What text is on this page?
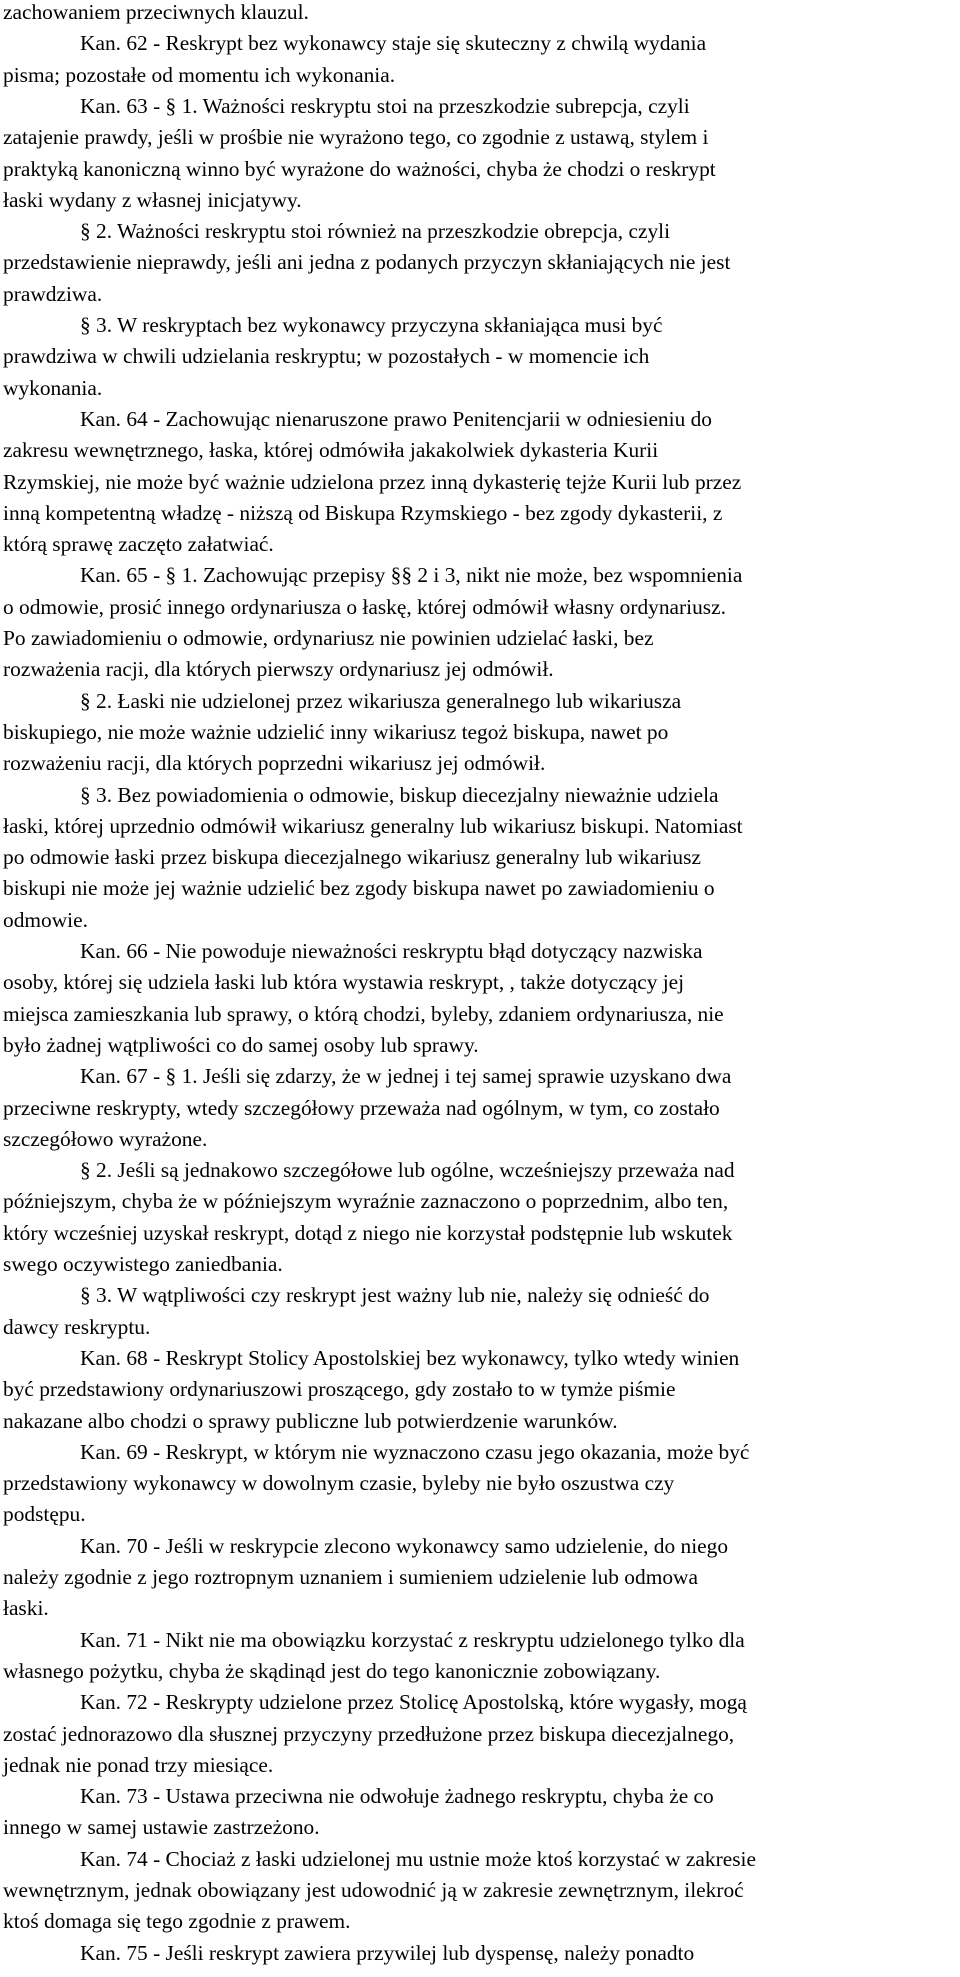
zachowaniem przeciwnych klauzul.
Kan. 62 - Reskrypt bez wykonawcy staje się skuteczny z chwilą wydania
pisma; pozostałe od momentu ich wykonania.
Kan. 63 - § 1. Ważności reskryptu stoi na przeszkodzie subrepcja, czyli
zatajenie prawdy, jeśli w prośbie nie wyrażono tego, co zgodnie z ustawą, stylem i
praktyką kanoniczną winno być wyrażone do ważności, chyba że chodzi o reskrypt
łaski wydany z własnej inicjatywy.
§ 2. Ważności reskryptu stoi również na przeszkodzie obrepcja, czyli
przedstawienie nieprawdy, jeśli ani jedna z podanych przyczyn skłaniających nie jest
prawdziwa.
§ 3. W reskryptach bez wykonawcy przyczyna skłaniająca musi być
prawdziwa w chwili udzielania reskryptu; w pozostałych - w momencie ich
wykonania.
Kan. 64 - Zachowując nienaruszone prawo Penitencjarii w odniesieniu do
zakresu wewnętrznego, łaska, której odmówiła jakakolwiek dykasteria Kurii
Rzymskiej, nie może być ważnie udzielona przez inną dykasterię tejże Kurii lub przez
inną kompetentną władzę - niższą od Biskupa Rzymskiego - bez zgody dykasterii, z
którą sprawę zaczęto załatwiać.
Kan. 65 - § 1. Zachowując przepisy §§ 2 i 3, nikt nie może, bez wspomnienia
o odmowie, prosić innego ordynariusza o łaskę, której odmówił własny ordynariusz.
Po zawiadomieniu o odmowie, ordynariusz nie powinien udzielać łaski, bez
rozważenia racji, dla których pierwszy ordynariusz jej odmówił.
§ 2. Łaski nie udzielonej przez wikariusza generalnego lub wikariusza
biskupiego, nie może ważnie udzielić inny wikariusz tegoż biskupa, nawet po
rozważeniu racji, dla których poprzedni wikariusz jej odmówił.
§ 3. Bez powiadomienia o odmowie, biskup diecezjalny nieważnie udziela
łaski, której uprzednio odmówił wikariusz generalny lub wikariusz biskupi. Natomiast
po odmowie łaski przez biskupa diecezjalnego wikariusz generalny lub wikariusz
biskupi nie może jej ważnie udzielić bez zgody biskupa nawet po zawiadomieniu o
odmowie.
Kan. 66 - Nie powoduje nieważności reskryptu błąd dotyczący nazwiska
osoby, której się udziela łaski lub która wystawia reskrypt, , także dotyczący jej
miejsca zamieszkania lub sprawy, o którą chodzi, byleby, zdaniem ordynariusza, nie
było żadnej wątpliwości co do samej osoby lub sprawy.
Kan. 67 - § 1. Jeśli się zdarzy, że w jednej i tej samej sprawie uzyskano dwa
przeciwne reskrypty, wtedy szczegółowy przeważa nad ogólnym, w tym, co zostało
szczegółowo wyrażone.
§ 2. Jeśli są jednakowo szczegółowe lub ogólne, wcześniejszy przeważa nad
późniejszym, chyba że w późniejszym wyraźnie zaznaczono o poprzednim, albo ten,
który wcześniej uzyskał reskrypt, dotąd z niego nie korzystał podstępnie lub wskutek
swego oczywistego zaniedbania.
§ 3. W wątpliwości czy reskrypt jest ważny lub nie, należy się odnieść do
dawcy reskryptu.
Kan. 68 - Reskrypt Stolicy Apostolskiej bez wykonawcy, tylko wtedy winien
być przedstawiony ordynariuszowi proszącego, gdy zostało to w tymże piśmie
nakazane albo chodzi o sprawy publiczne lub potwierdzenie warunków.
Kan. 69 - Reskrypt, w którym nie wyznaczono czasu jego okazania, może być
przedstawiony wykonawcy w dowolnym czasie, byleby nie było oszustwa czy
podstępu.
Kan. 70 - Jeśli w reskrypcie zlecono wykonawcy samo udzielenie, do niego
należy zgodnie z jego roztropnym uznaniem i sumieniem udzielenie lub odmowa
łaski.
Kan. 71 - Nikt nie ma obowiązku korzystać z reskryptu udzielonego tylko dla
własnego pożytku, chyba że skądinąd jest do tego kanonicznie zobowiązany.
Kan. 72 - Reskrypty udzielone przez Stolicę Apostolską, które wygasły, mogą
zostać jednorazowo dla słusznej przyczyny przedłużone przez biskupa diecezjalnego,
jednak nie ponad trzy miesiące.
Kan. 73 - Ustawa przeciwna nie odwołuje żadnego reskryptu, chyba że co
innego w samej ustawie zastrzeżono.
Kan. 74 - Chociaż z łaski udzielonej mu ustnie może ktoś korzystać w zakresie
wewnętrznym, jednak obowiązany jest udowodnić ją w zakresie zewnętrznym, ilekroć
ktoś domaga się tego zgodnie z prawem.
Kan. 75 - Jeśli reskrypt zawiera przywilej lub dyspensę, należy ponadto
